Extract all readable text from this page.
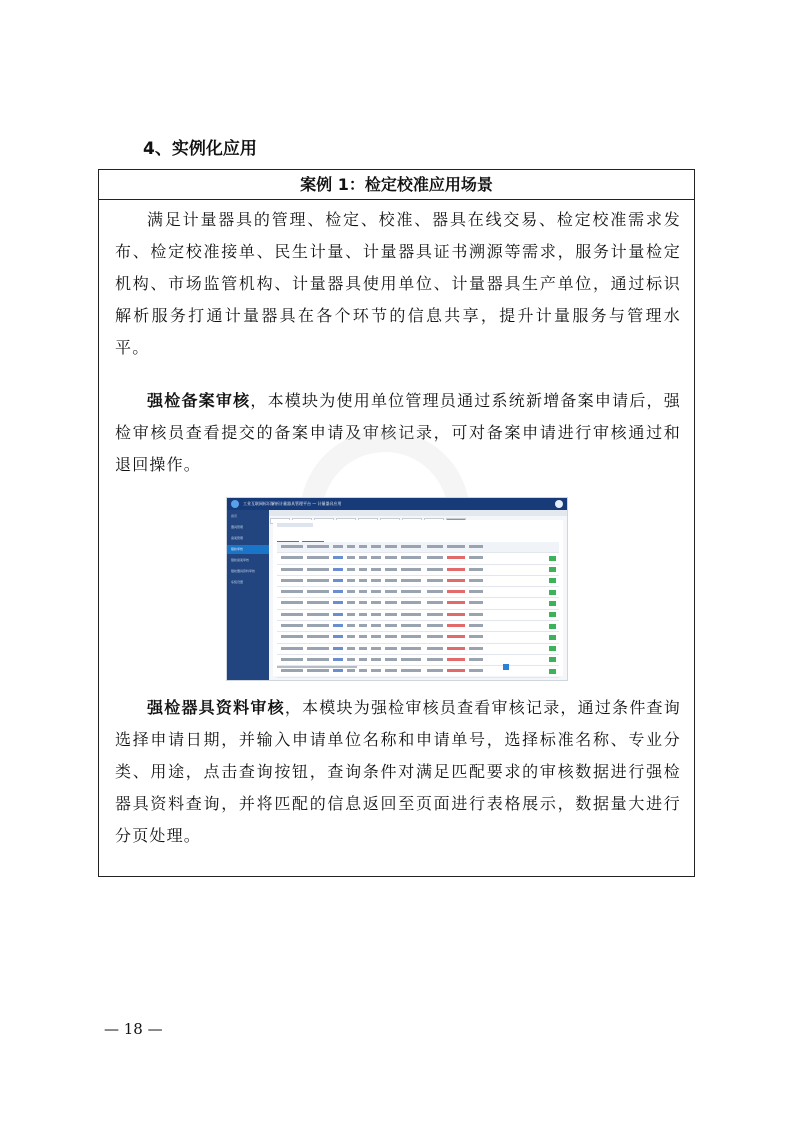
4、实例化应用
案例 1：检定校准应用场景
满足计量器具的管理、检定、校准、器具在线交易、检定校准需求发布、检定校准接单、民生计量、计量器具证书溯源等需求，服务计量检定机构、市场监管机构、计量器具使用单位、计量器具生产单位，通过标识解析服务打通计量器具在各个环节的信息共享，提升计量服务与管理水平。
强检备案审核，本模块为使用单位管理员通过系统新增备案申请后，强检审核员查看提交的备案申请及审核记录，可对备案申请进行审核通过和退回操作。
强检器具资料审核，本模块为强检审核员查看审核记录，通过条件查询选择申请日期，并输入申请单位名称和申请单号，选择标准名称、专业分类、用途，点击查询按钮，查询条件对满足匹配要求的审核数据进行强检器具资料查询，并将匹配的信息返回至页面进行表格展示，数据量大进行分页处理。
工业互联网标识解析计量器具管理平台 — 计量器具应用
首页
器具管理
备案管理
强检审核
强检备案审核
强检器具资料审核
系统设置
— 18 —
